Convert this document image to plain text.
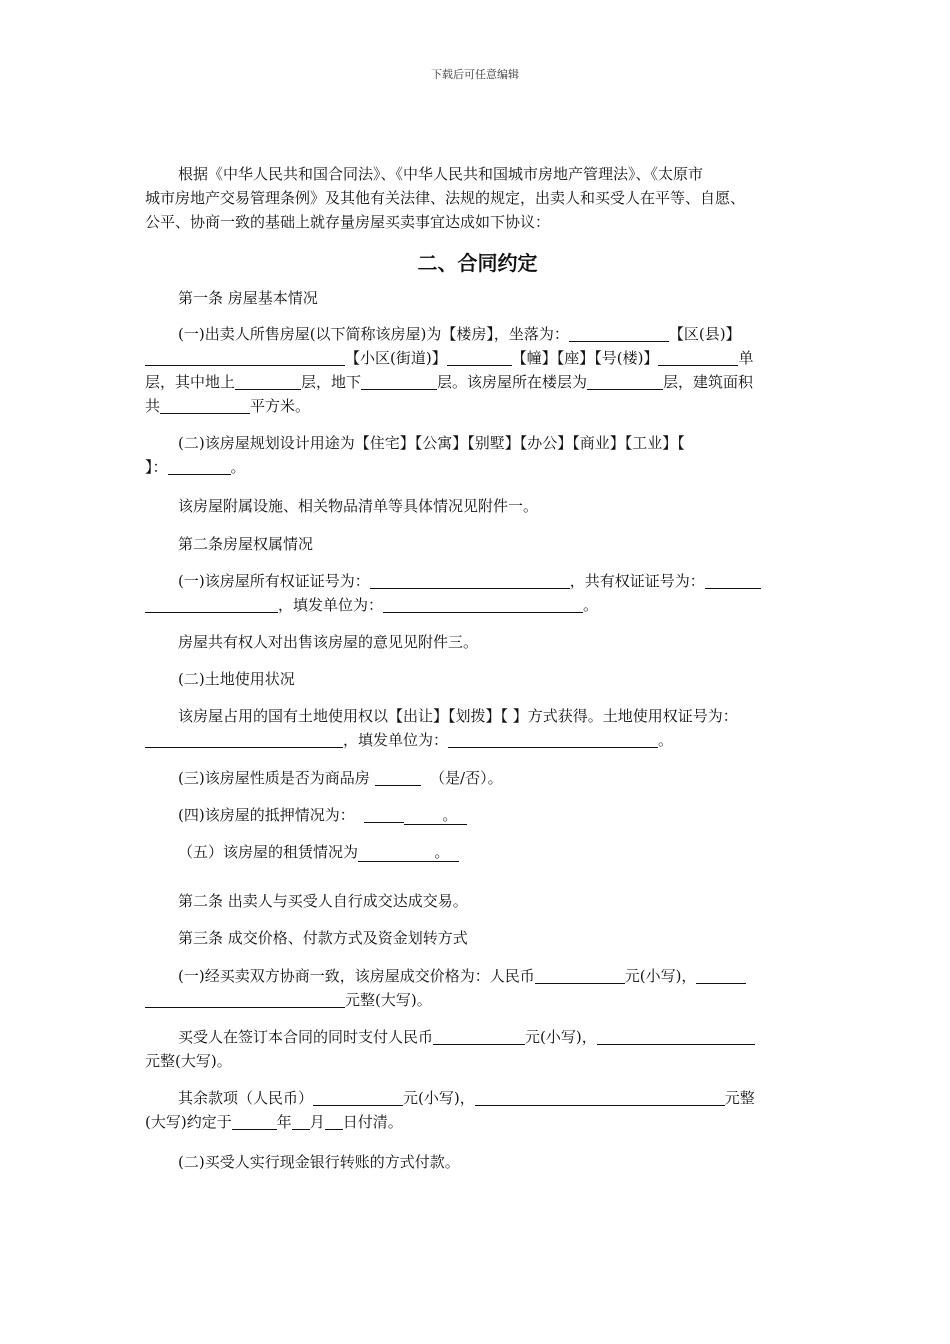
下载后可任意编辑
根据《中华人民共和国合同法》、《中华人民共和国城市房地产管理法》、《太原市
城市房地产交易管理条例》及其他有关法律、法规的规定，出卖人和买受人在平等、自愿、
公平、协商一致的基础上就存量房屋买卖事宜达成如下协议：
二、合同约定
第一条 房屋基本情况
(一)出卖人所售房屋(以下简称该房屋)为【楼房】，坐落为：	【区(县)】
【小区(街道)】	【幢】【座】【号(楼)】	单
层，其中地上	层，地下	层。该房屋所在楼层为	层，建筑面积
共	平方米。
(二)该房屋规划设计用途为【住宅】【公寓】【别墅】【办公】【商业】【工业】【
】：	。
该房屋附属设施、相关物品清单等具体情况见附件一。
第二条房屋权属情况
(一)该房屋所有权证证号为：	，共有权证证号为：
，填发单位为：	。
房屋共有权人对出售该房屋的意见见附件三。
(二)土地使用状况
该房屋占用的国有土地使用权以【出让】【划拨】【 】方式获得。土地使用权证号为：
，填发单位为：	。
(三)该房屋性质是否为商品房	（是/否）。
(四)该房屋的抵押情况为：	。
（五）该房屋的租赁情况为	。
第二条 出卖人与买受人自行成交达成交易。
第三条 成交价格、付款方式及资金划转方式
(一)经买卖双方协商一致，该房屋成交价格为：人民币	元(小写)，
元整(大写)。
买受人在签订本合同的同时支付人民币	元(小写)，
元整(大写)。
其余款项（人民币）	元(小写)，	元整
(大写)约定于	年 月 日付清。
(二)买受人实行现金银行转账的方式付款。
